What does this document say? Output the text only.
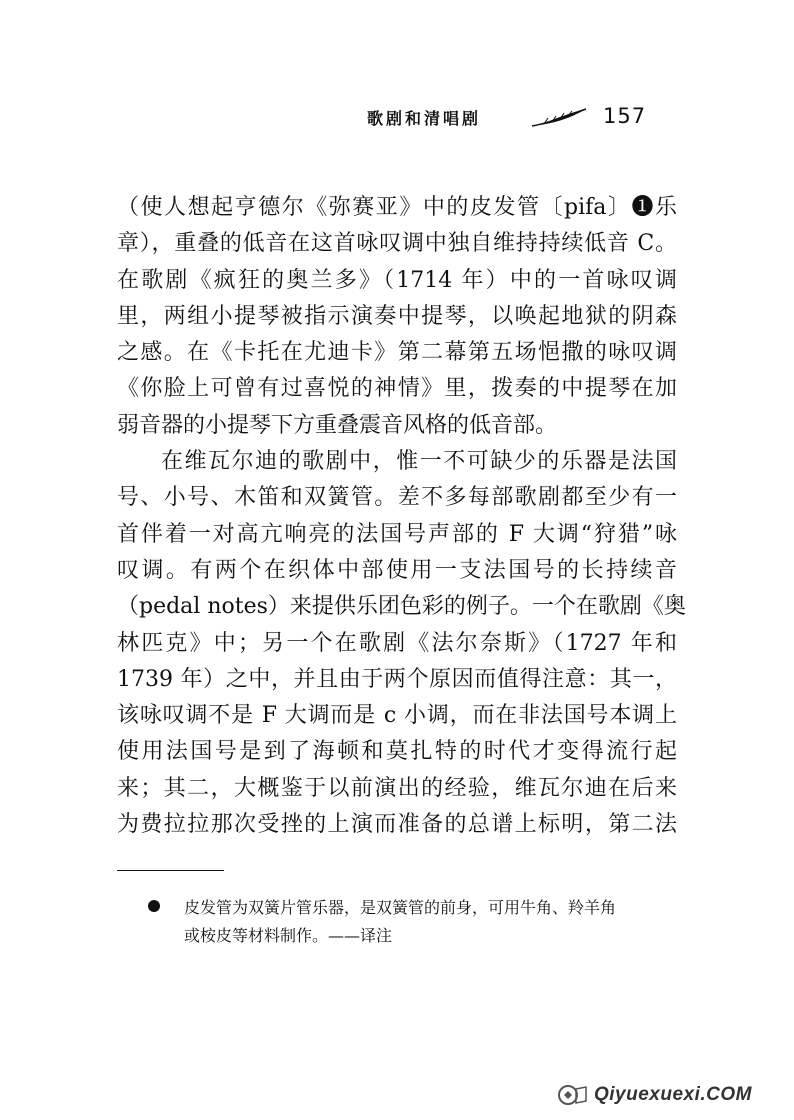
歌剧和清唱剧	157
（使人想起亨德尔《弥赛亚》中的皮发管〔pifa〕❶乐
章），重叠的低音在这首咏叹调中独自维持持续低音 C。
在歌剧《疯狂的奥兰多》（1714 年）中的一首咏叹调
里，两组小提琴被指示演奏中提琴，以唤起地狱的阴森
之感。在《卡托在尤迪卡》第二幕第五场悒撒的咏叹调
《你脸上可曾有过喜悦的神情》里，拨奏的中提琴在加
弱音器的小提琴下方重叠震音风格的低音部。
在维瓦尔迪的歌剧中，惟一不可缺少的乐器是法国
号、小号、木笛和双簧管。差不多每部歌剧都至少有一
首伴着一对高亢响亮的法国号声部的 F 大调“狩猎”咏
叹调。有两个在织体中部使用一支法国号的长持续音
（pedal notes）来提供乐团色彩的例子。一个在歌剧《奥
林匹克》中；另一个在歌剧《法尔奈斯》（1727 年和
1739 年）之中，并且由于两个原因而值得注意：其一，
该咏叹调不是 F 大调而是 c 小调，而在非法国号本调上
使用法国号是到了海顿和莫扎特的时代才变得流行起
来；其二，大概鉴于以前演出的经验，维瓦尔迪在后来
为费拉拉那次受挫的上演而准备的总谱上标明，第二法
皮发管为双簧片管乐器，是双簧管的前身，可用牛角、羚羊角
或桉皮等材料制作。——译注
Qiyuexuexi.COM
